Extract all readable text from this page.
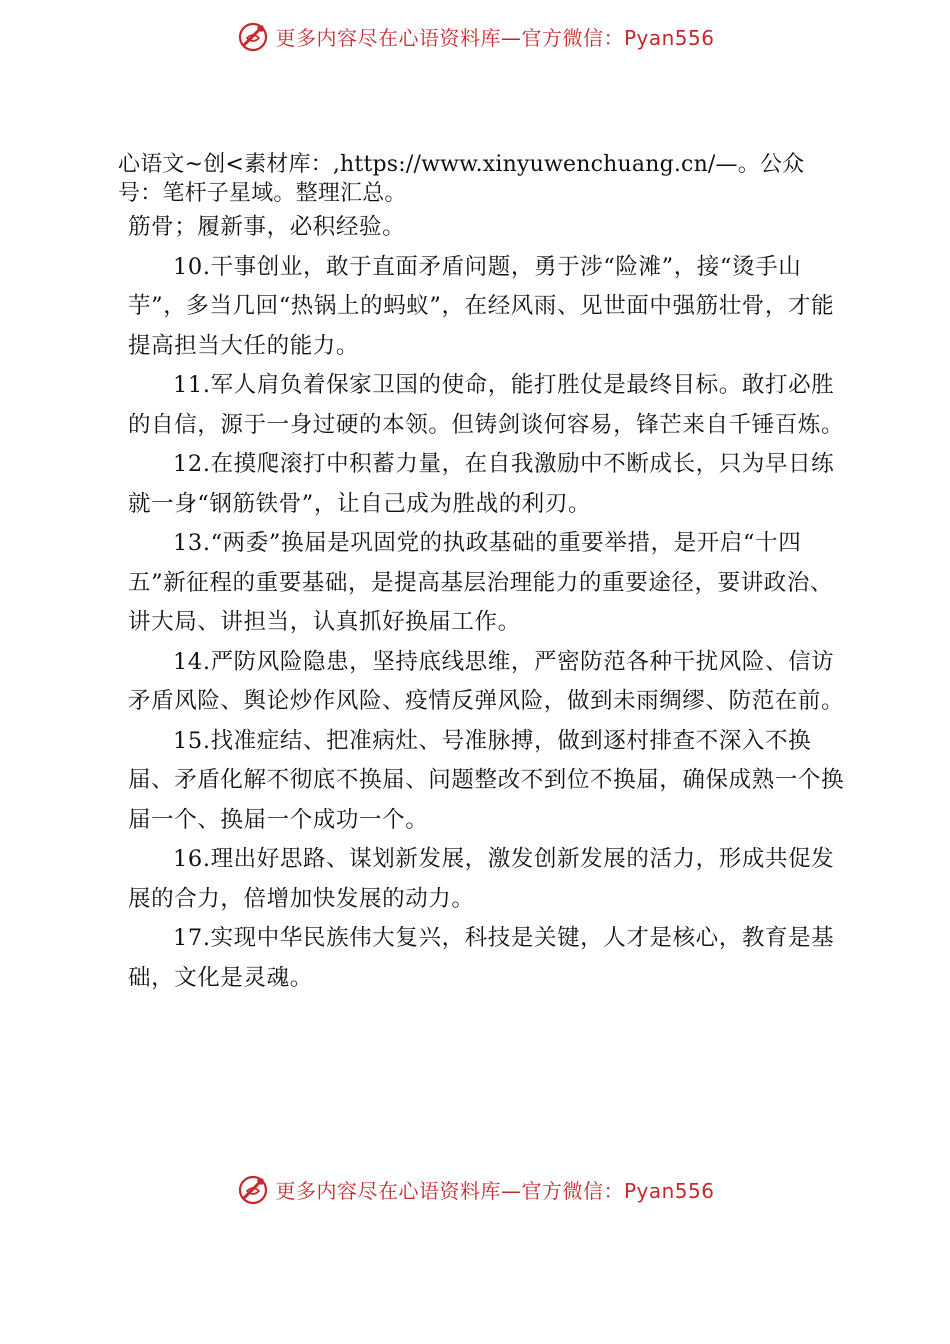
更多内容尽在心语资料库—官方微信：Pyan556

心语文~创<素材库：,https://www.xinyuwenchuang.cn/—。公众号：笔杆子星域。整理汇总。

筋骨；履新事，必积经验。

10.干事创业，敢于直面矛盾问题，勇于涉“险滩”，接“烫手山芋”，多当几回“热锅上的蚂蚁”，在经风雨、见世面中强筋壮骨，才能提高担当大任的能力。

11.军人肩负着保家卫国的使命，能打胜仗是最终目标。敢打必胜的自信，源于一身过硬的本领。但铸剑谈何容易，锋芒来自千锤百炼。

12.在摸爬滚打中积蓄力量，在自我激励中不断成长，只为早日练就一身“钢筋铁骨”，让自己成为胜战的利刃。

13.“两委”换届是巩固党的执政基础的重要举措，是开启“十四五”新征程的重要基础，是提高基层治理能力的重要途径，要讲政治、讲大局、讲担当，认真抓好换届工作。

14.严防风险隐患，坚持底线思维，严密防范各种干扰风险、信访矛盾风险、舆论炒作风险、疫情反弹风险，做到未雨绸缪、防范在前。

15.找准症结、把准病灶、号准脉搏，做到逐村排查不深入不换届、矛盾化解不彻底不换届、问题整改不到位不换届，确保成熟一个换届一个、换届一个成功一个。

16.理出好思路、谋划新发展，激发创新发展的活力，形成共促发展的合力，倍增加快发展的动力。

17.实现中华民族伟大复兴，科技是关键，人才是核心，教育是基础，文化是灵魂。

更多内容尽在心语资料库—官方微信：Pyan556
